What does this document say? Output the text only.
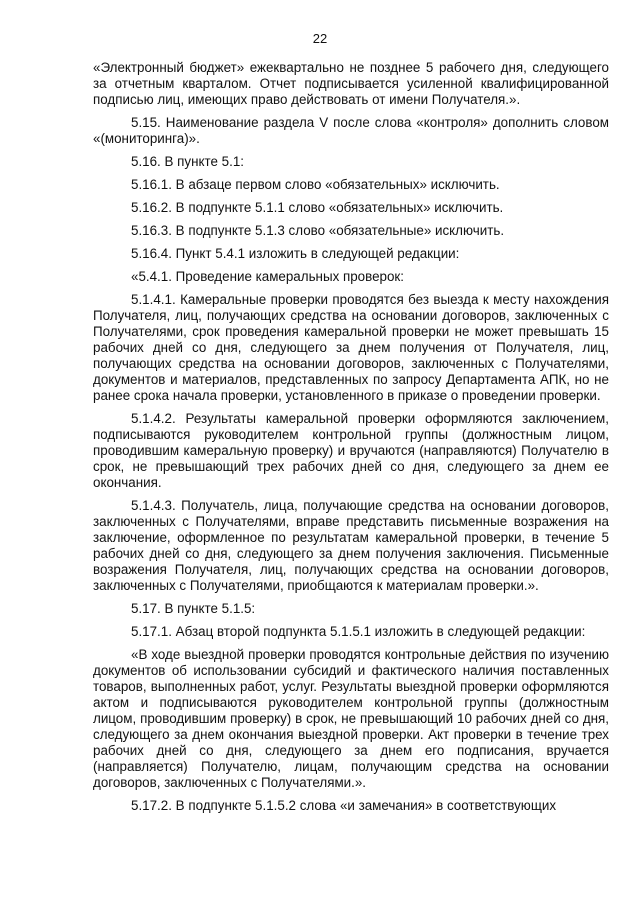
22

«Электронный бюджет» ежеквартально не позднее 5 рабочего дня, следующего за отчетным кварталом. Отчет подписывается усиленной квалифицированной подписью лиц, имеющих право действовать от имени Получателя.».

5.15. Наименование раздела V после слова «контроля» дополнить словом «(мониторинга)».

5.16. В пункте 5.1:

5.16.1. В абзаце первом слово «обязательных» исключить.

5.16.2. В подпункте 5.1.1 слово «обязательных» исключить.

5.16.3. В подпункте 5.1.3 слово «обязательные» исключить.

5.16.4. Пункт 5.4.1 изложить в следующей редакции:

«5.4.1. Проведение камеральных проверок:

5.1.4.1. Камеральные проверки проводятся без выезда к месту нахождения Получателя, лиц, получающих средства на основании договоров, заключенных с Получателями, срок проведения камеральной проверки не может превышать 15 рабочих дней со дня, следующего за днем получения от Получателя, лиц, получающих средства на основании договоров, заключенных с Получателями, документов и материалов, представленных по запросу Департамента АПК, но не ранее срока начала проверки, установленного в приказе о проведении проверки.

5.1.4.2. Результаты камеральной проверки оформляются заключением, подписываются руководителем контрольной группы (должностным лицом, проводившим камеральную проверку) и вручаются (направляются) Получателю в срок, не превышающий трех рабочих дней со дня, следующего за днем ее окончания.

5.1.4.3. Получатель, лица, получающие средства на основании договоров, заключенных с Получателями, вправе представить письменные возражения на заключение, оформленное по результатам камеральной проверки, в течение 5 рабочих дней со дня, следующего за днем получения заключения. Письменные возражения Получателя, лиц, получающих средства на основании договоров, заключенных с Получателями, приобщаются к материалам проверки.».

5.17. В пункте 5.1.5:

5.17.1. Абзац второй подпункта 5.1.5.1 изложить в следующей редакции:

«В ходе выездной проверки проводятся контрольные действия по изучению документов об использовании субсидий и фактического наличия поставленных товаров, выполненных работ, услуг. Результаты выездной проверки оформляются актом и подписываются руководителем контрольной группы (должностным лицом, проводившим проверку) в срок, не превышающий 10 рабочих дней со дня, следующего за днем окончания выездной проверки. Акт проверки в течение трех рабочих дней со дня, следующего за днем его подписания, вручается (направляется) Получателю, лицам, получающим средства на основании договоров, заключенных с Получателями.».

5.17.2. В подпункте 5.1.5.2 слова «и замечания» в соответствующих
